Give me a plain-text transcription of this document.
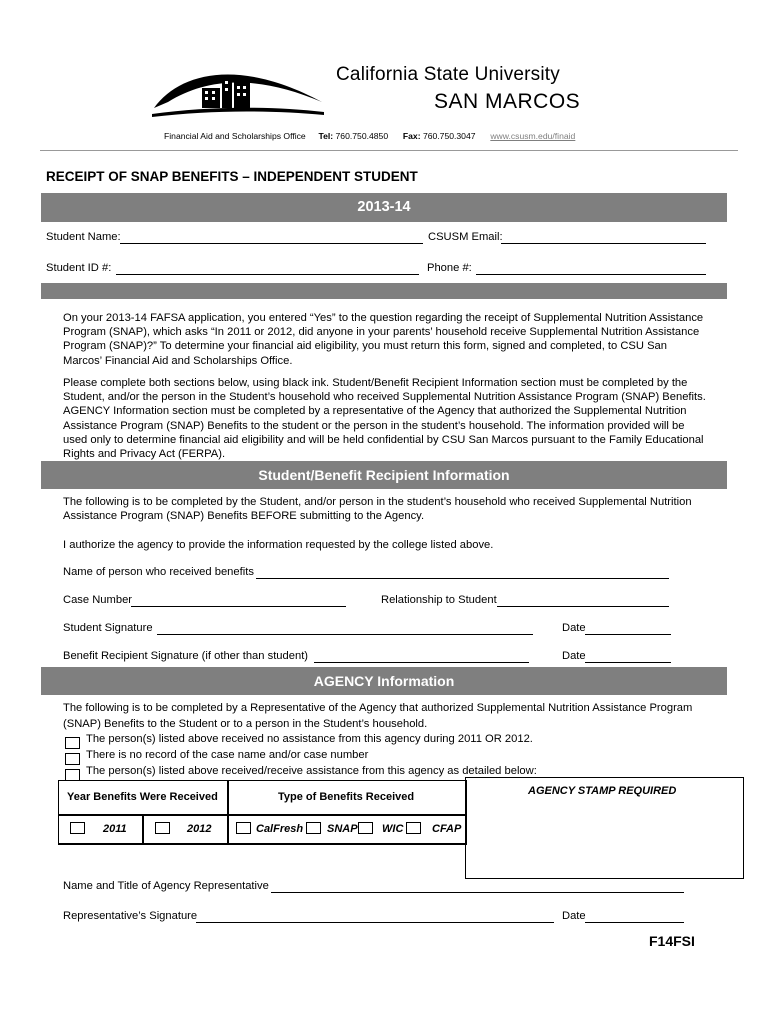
California State University
SAN MARCOS
Financial Aid and Scholarships Office Tel: 760.750.4850 Fax: 760.750.3047 www.csusm.edu/finaid
RECEIPT OF SNAP BENEFITS – INDEPENDENT STUDENT
2013-14
Student Name:	CSUSM Email:
Student ID #:	Phone #:

On your 2013-14 FAFSA application, you entered “Yes” to the question regarding the receipt of Supplemental Nutrition Assistance Program (SNAP), which asks “In 2011 or 2012, did anyone in your parents’ household receive Supplemental Nutrition Assistance Program (SNAP)?” To determine your financial aid eligibility, you must return this form, signed and completed, to CSU San Marcos’ Financial Aid and Scholarships Office.

Please complete both sections below, using black ink. Student/Benefit Recipient Information section must be completed by the Student, and/or the person in the Student’s household who received Supplemental Nutrition Assistance Program (SNAP) Benefits. AGENCY Information section must be completed by a representative of the Agency that authorized the Supplemental Nutrition Assistance Program (SNAP) Benefits to the student or the person in the student’s household. The information provided will be used only to determine financial aid eligibility and will be held confidential by CSU San Marcos pursuant to the Family Educational Rights and Privacy Act (FERPA).

Student/Benefit Recipient Information

The following is to be completed by the Student, and/or person in the student’s household who received Supplemental Nutrition Assistance Program (SNAP) Benefits BEFORE submitting to the Agency.

I authorize the agency to provide the information requested by the college listed above.

Name of person who received benefits
Case Number	Relationship to Student
Student Signature	Date
Benefit Recipient Signature (if other than student)	Date
AGENCY Information

The following is to be completed by a Representative of the Agency that authorized Supplemental Nutrition Assistance Program (SNAP) Benefits to the Student or to a person in the Student’s household.

The person(s) listed above received no assistance from this agency during 2011 OR 2012.
There is no record of the case name and/or case number
The person(s) listed above received/receive assistance from this agency as detailed below:
Year Benefits Were Received	Type of Benefits Received	AGENCY STAMP REQUIRED
2011	2012	CalFresh SNAP WIC	CFAP
Name and Title of Agency Representative
Representative’s Signature	Date
F14FSI
